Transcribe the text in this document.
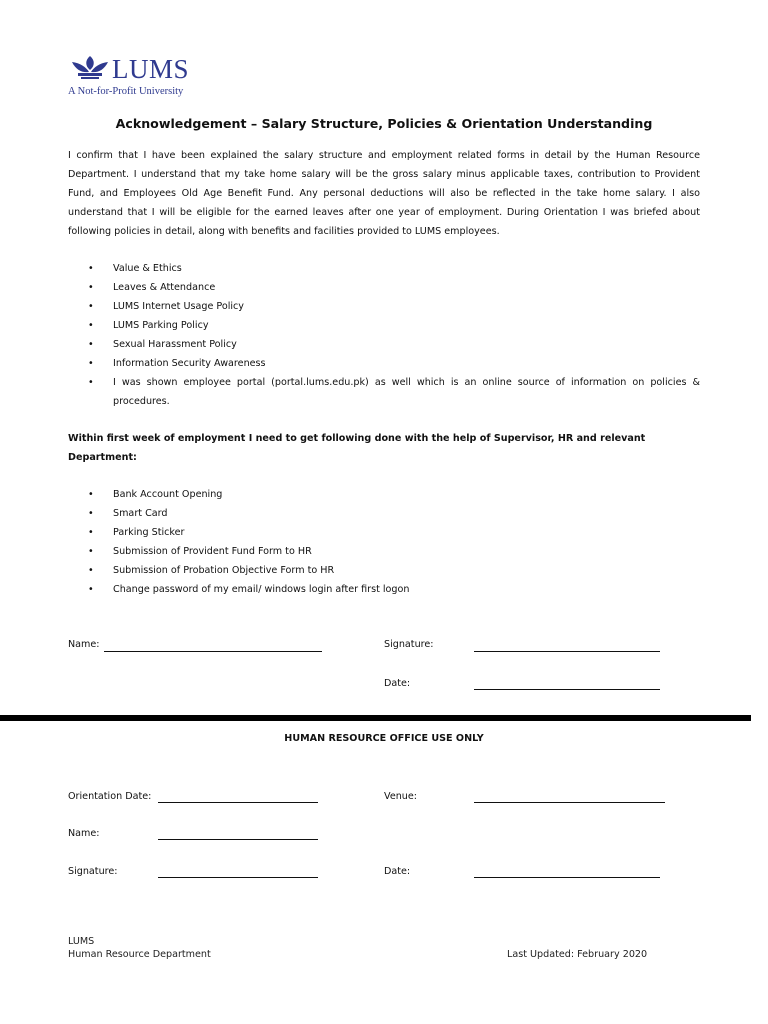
LUMS
A Not-for-Profit University
Acknowledgement – Salary Structure, Policies & Orientation Understanding
I confirm that I have been explained the salary structure and employment related forms in detail by the Human Resource Department. I understand that my take home salary will be the gross salary minus applicable taxes, contribution to Provident Fund, and Employees Old Age Benefit Fund. Any personal deductions will also be reflected in the take home salary. I also understand that I will be eligible for the earned leaves after one year of employment. During Orientation I was briefed about following policies in detail, along with benefits and facilities provided to LUMS employees.
• Value & Ethics
• Leaves & Attendance
• LUMS Internet Usage Policy
• LUMS Parking Policy
• Sexual Harassment Policy
• Information Security Awareness
• I was shown employee portal (portal.lums.edu.pk) as well which is an online source of information on policies & procedures.
Within first week of employment I need to get following done with the help of Supervisor, HR and relevant Department:
• Bank Account Opening
• Smart Card
• Parking Sticker
• Submission of Provident Fund Form to HR
• Submission of Probation Objective Form to HR
• Change password of my email/ windows login after first logon
Name:	Signature:
Date:
HUMAN RESOURCE OFFICE USE ONLY
Orientation Date:	Venue:
Name:
Signature:	Date:
LUMS
Human Resource Department	Last Updated: February 2020
